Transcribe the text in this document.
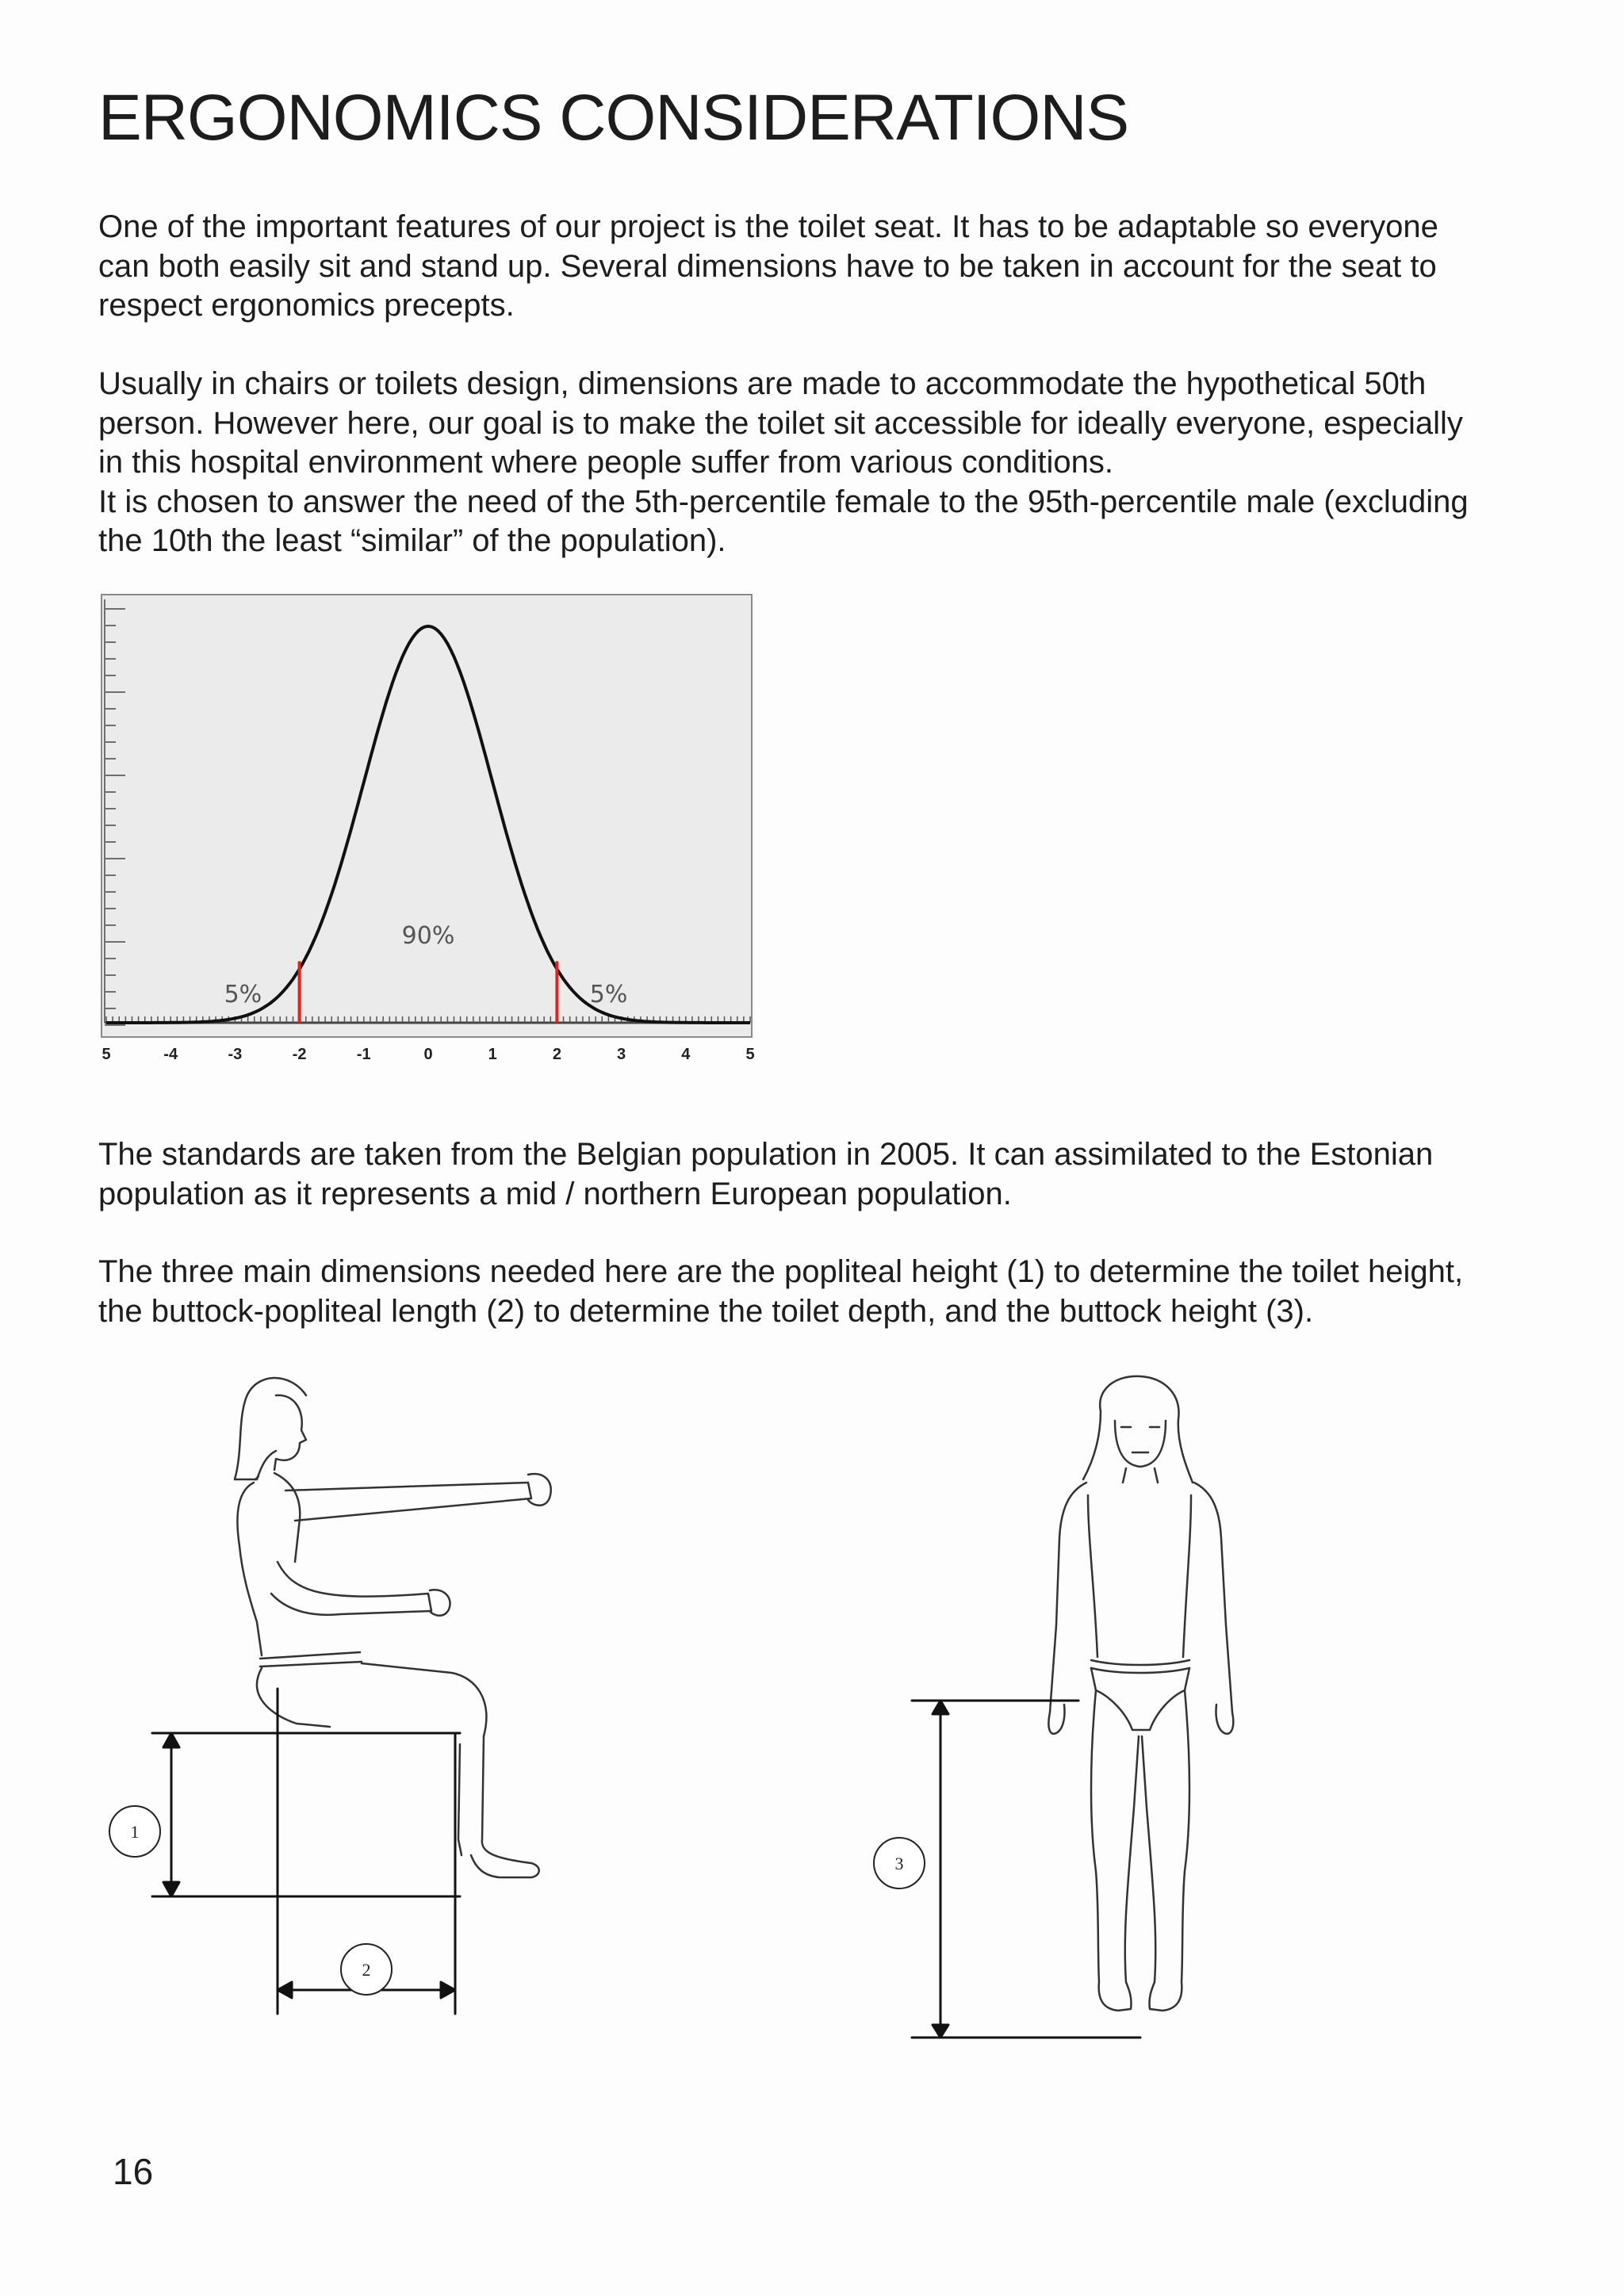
ERGONOMICS CONSIDERATIONS
One of the important features of our project is the toilet seat. It has to be adaptable so everyone
can both easily sit and stand up. Several dimensions have to be taken in account for the seat to
respect ergonomics precepts.
Usually in chairs or toilets design, dimensions are made to accommodate the hypothetical 50th
person. However here, our goal is to make the toilet sit accessible for ideally everyone, especially
in this hospital environment where people suffer from various conditions.
It is chosen to answer the need of the 5th-percentile female to the 95th-percentile male (excluding
the 10th the least “similar” of the population).
5	-4	-3	-2	-1	0	1	2	3	4	5
5%
90%
5%
The standards are taken from the Belgian population in 2005. It can assimilated to the Estonian
population as it represents a mid / northern European population.
The three main dimensions needed here are the popliteal height (1) to determine the toilet height,
the buttock-popliteal length (2) to determine the toilet depth, and the buttock height (3).
1
2
3
16
